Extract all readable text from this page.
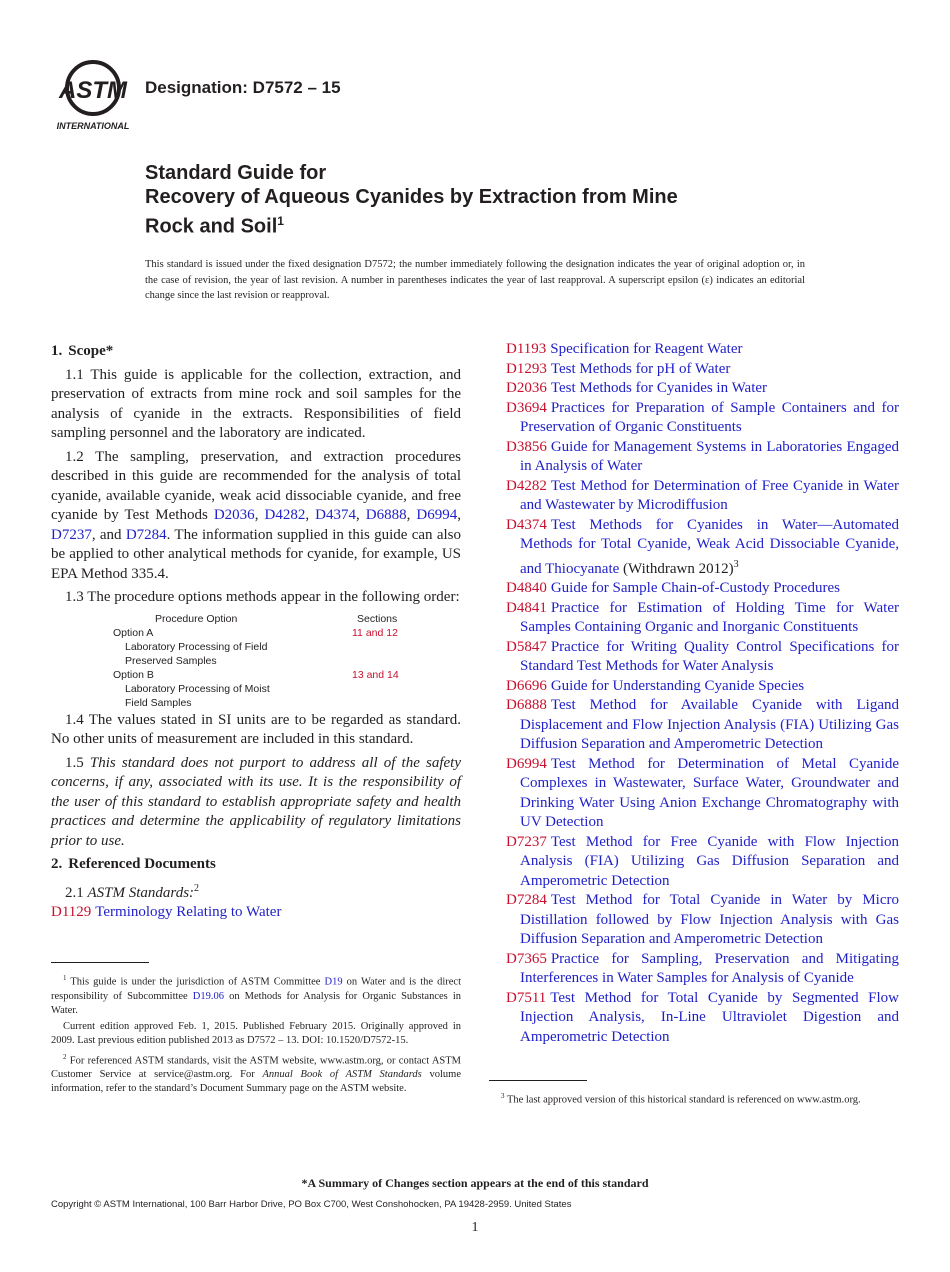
ASTM
INTERNATIONAL
Designation: D7572 – 15
Standard Guide for
Recovery of Aqueous Cyanides by Extraction from Mine
Rock and Soil$^1$
This standard is issued under the fixed designation D7572; the number immediately following the designation indicates the year of original adoption or, in the case of revision, the year of last revision. A number in parentheses indicates the year of last reapproval. A superscript epsilon (ε) indicates an editorial change since the last revision or reapproval.
1. Scope*

1.1 This guide is applicable for the collection, extraction, and preservation of extracts from mine rock and soil samples for the analysis of cyanide in the extracts. Responsibilities of field sampling personnel and the laboratory are indicated.

1.2 The sampling, preservation, and extraction procedures described in this guide are recommended for the analysis of total cyanide, available cyanide, weak acid dissociable cyanide, and free cyanide by Test Methods D2036, D4282, D4374, D6888, D6994, D7237, and D7284. The information supplied in this guide can also be applied to other analytical methods for cyanide, for example, US EPA Method 335.4.

1.3 The procedure options methods appear in the following order:

Procedure Option	Sections
Option A	11 and 12
Laboratory Processing of Field
Preserved Samples
Option B	13 and 14
Laboratory Processing of Moist
Field Samples

1.4 The values stated in SI units are to be regarded as standard. No other units of measurement are included in this standard.

1.5 This standard does not purport to address all of the safety concerns, if any, associated with its use. It is the responsibility of the user of this standard to establish appropriate safety and health practices and determine the applicability of regulatory limitations prior to use.

2. Referenced Documents

2.1 ASTM Standards:$^2$

D1129 Terminology Relating to Water

$^1$ This guide is under the jurisdiction of ASTM Committee D19 on Water and is the direct responsibility of Subcommittee D19.06 on Methods for Analysis for Organic Substances in Water.

Current edition approved Feb. 1, 2015. Published February 2015. Originally approved in 2009. Last previous edition published 2013 as D7572 – 13. DOI: 10.1520/D7572-15.

$^2$ For referenced ASTM standards, visit the ASTM website, www.astm.org, or contact ASTM Customer Service at service@astm.org. For Annual Book of ASTM Standards volume information, refer to the standard’s Document Summary page on the ASTM website.

D1193 Specification for Reagent Water

D1293 Test Methods for pH of Water

D2036 Test Methods for Cyanides in Water

D3694 Practices for Preparation of Sample Containers and for Preservation of Organic Constituents

D3856 Guide for Management Systems in Laboratories Engaged in Analysis of Water

D4282 Test Method for Determination of Free Cyanide in Water and Wastewater by Microdiffusion

D4374 Test Methods for Cyanides in Water—Automated Methods for Total Cyanide, Weak Acid Dissociable Cyanide, and Thiocyanate (Withdrawn 2012)$^3$

D4840 Guide for Sample Chain-of-Custody Procedures

D4841 Practice for Estimation of Holding Time for Water Samples Containing Organic and Inorganic Constituents

D5847 Practice for Writing Quality Control Specifications for Standard Test Methods for Water Analysis

D6696 Guide for Understanding Cyanide Species

D6888 Test Method for Available Cyanide with Ligand Displacement and Flow Injection Analysis (FIA) Utilizing Gas Diffusion Separation and Amperometric Detection

D6994 Test Method for Determination of Metal Cyanide Complexes in Wastewater, Surface Water, Groundwater and Drinking Water Using Anion Exchange Chromatography with UV Detection

D7237 Test Method for Free Cyanide with Flow Injection Analysis (FIA) Utilizing Gas Diffusion Separation and Amperometric Detection

D7284 Test Method for Total Cyanide in Water by Micro Distillation followed by Flow Injection Analysis with Gas Diffusion Separation and Amperometric Detection

D7365 Practice for Sampling, Preservation and Mitigating Interferences in Water Samples for Analysis of Cyanide

D7511 Test Method for Total Cyanide by Segmented Flow Injection Analysis, In-Line Ultraviolet Digestion and Amperometric Detection

$^3$ The last approved version of this historical standard is referenced on www.astm.org.

*A Summary of Changes section appears at the end of this standard
Copyright © ASTM International, 100 Barr Harbor Drive, PO Box C700, West Conshohocken, PA 19428-2959. United States
1
